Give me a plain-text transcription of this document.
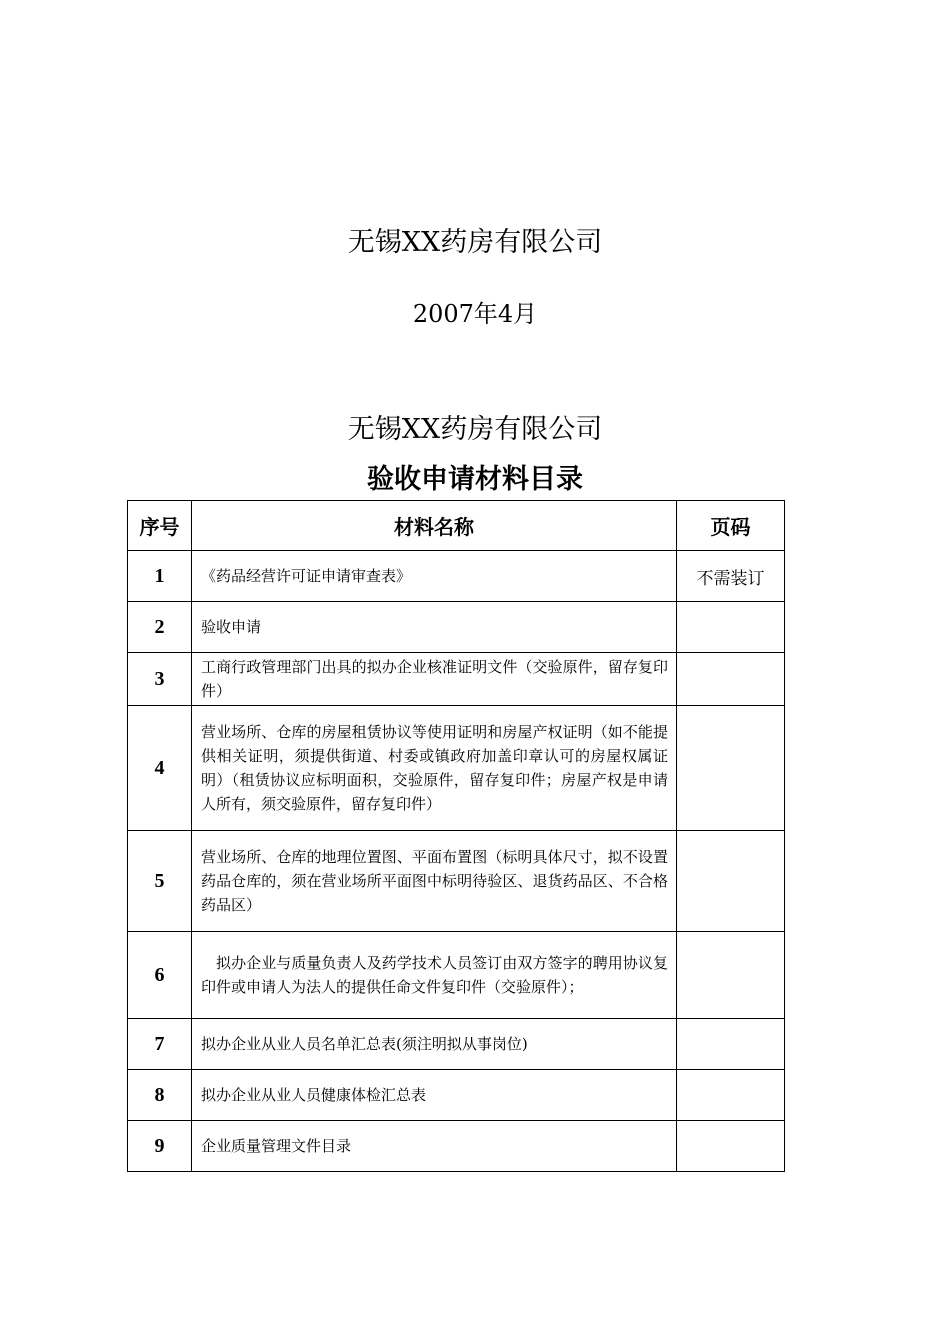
无锡XX药房有限公司
2007年4月
无锡XX药房有限公司
验收申请材料目录
序号	材料名称	页码
1	《药品经营许可证申请审查表》	不需装订
2	验收申请	
3	工商行政管理部门出具的拟办企业核准证明文件（交验原件，留存复印件）	
4	营业场所、仓库的房屋租赁协议等使用证明和房屋产权证明（如不能提供相关证明，须提供街道、村委或镇政府加盖印章认可的房屋权属证明）（租赁协议应标明面积，交验原件，留存复印件；房屋产权是申请人所有，须交验原件，留存复印件）	
5	营业场所、仓库的地理位置图、平面布置图（标明具体尺寸，拟不设置药品仓库的，须在营业场所平面图中标明待验区、退货药品区、不合格药品区）	
6	拟办企业与质量负责人及药学技术人员签订由双方签字的聘用协议复印件或申请人为法人的提供任命文件复印件（交验原件）；	
7	拟办企业从业人员名单汇总表(须注明拟从事岗位)	
8	拟办企业从业人员健康体检汇总表	
9	企业质量管理文件目录	
